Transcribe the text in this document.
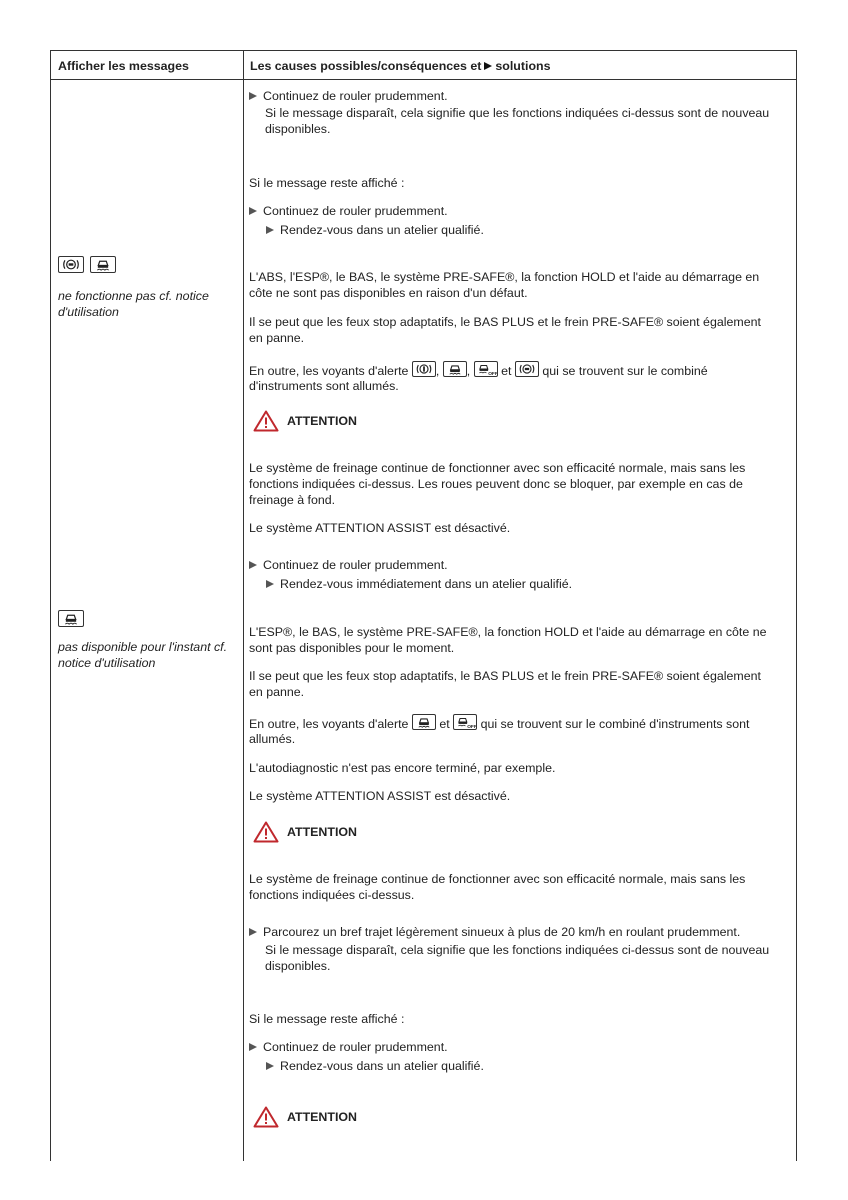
Afficher les messages	Les causes possibles/conséquences et solutions

ne fonctionne pas cf. notice
d'utilisation
pas disponible pour l'instant cf.
notice d'utilisation
Continuez de rouler prudemment.
Si le message disparaît, cela signifie que les fonctions indiquées ci-dessus sont de nouveau
disponibles.
Si le message reste affiché :
Continuez de rouler prudemment.
Rendez-vous dans un atelier qualifié.
L'ABS, l'ESP®, le BAS, le système PRE-SAFE®, la fonction HOLD et l'aide au démarrage en
côte ne sont pas disponibles en raison d'un défaut.
Il se peut que les feux stop adaptatifs, le BAS PLUS et le frein PRE-SAFE® soient également
en panne.
En outre, les voyants d'alerte , , et qui se trouvent sur le combiné
d'instruments sont allumés.
ATTENTION
Le système de freinage continue de fonctionner avec son efficacité normale, mais sans les
fonctions indiquées ci-dessus. Les roues peuvent donc se bloquer, par exemple en cas de
freinage à fond.
Le système ATTENTION ASSIST est désactivé.
Continuez de rouler prudemment.
Rendez-vous immédiatement dans un atelier qualifié.
L'ESP®, le BAS, le système PRE-SAFE®, la fonction HOLD et l'aide au démarrage en côte ne
sont pas disponibles pour le moment.
Il se peut que les feux stop adaptatifs, le BAS PLUS et le frein PRE-SAFE® soient également
en panne.
En outre, les voyants d'alerte et qui se trouvent sur le combiné d'instruments sont
allumés.
L'autodiagnostic n'est pas encore terminé, par exemple.
Le système ATTENTION ASSIST est désactivé.
ATTENTION
Le système de freinage continue de fonctionner avec son efficacité normale, mais sans les
fonctions indiquées ci-dessus.
Parcourez un bref trajet légèrement sinueux à plus de 20 km/h en roulant prudemment.
Si le message disparaît, cela signifie que les fonctions indiquées ci-dessus sont de nouveau
disponibles.
Si le message reste affiché :
Continuez de rouler prudemment.
Rendez-vous dans un atelier qualifié.
ATTENTION
